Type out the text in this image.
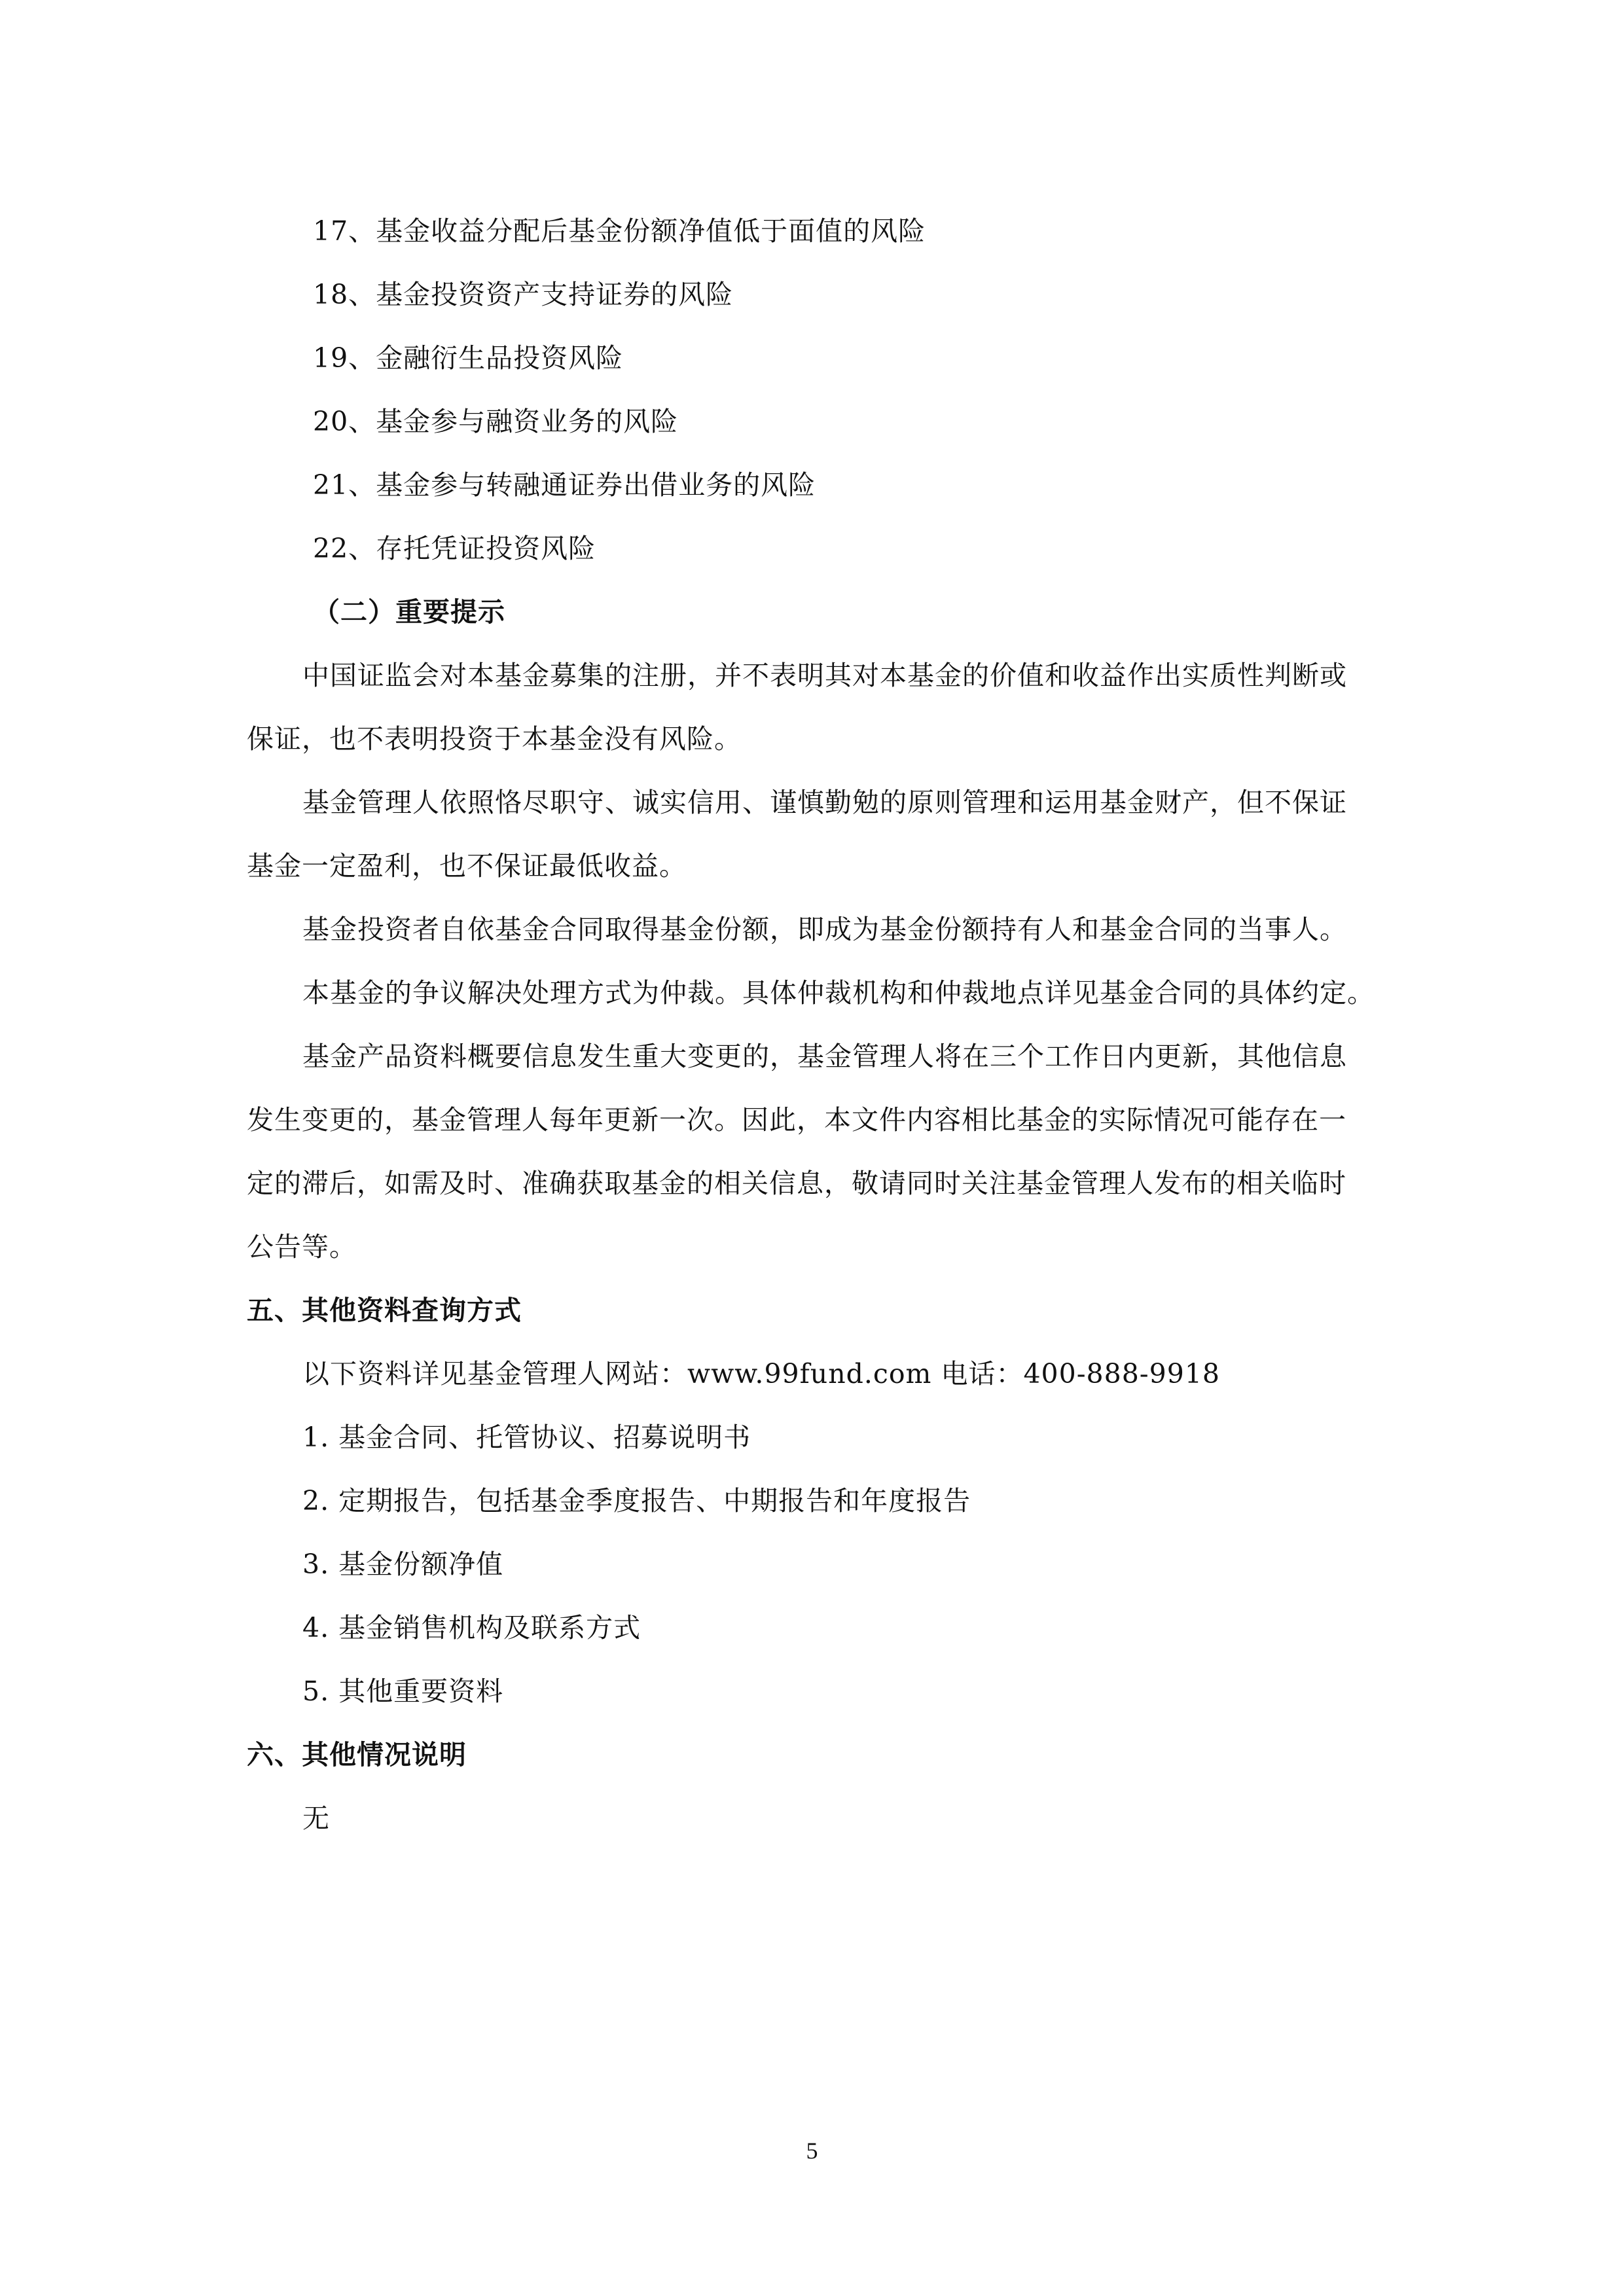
17、基金收益分配后基金份额净值低于面值的风险
18、基金投资资产支持证券的风险
19、金融衍生品投资风险
20、基金参与融资业务的风险
21、基金参与转融通证券出借业务的风险
22、存托凭证投资风险
（二）重要提示
中国证监会对本基金募集的注册，并不表明其对本基金的价值和收益作出实质性判断或
保证，也不表明投资于本基金没有风险。
基金管理人依照恪尽职守、诚实信用、谨慎勤勉的原则管理和运用基金财产，但不保证
基金一定盈利，也不保证最低收益。
基金投资者自依基金合同取得基金份额，即成为基金份额持有人和基金合同的当事人。
本基金的争议解决处理方式为仲裁。具体仲裁机构和仲裁地点详见基金合同的具体约定。
基金产品资料概要信息发生重大变更的，基金管理人将在三个工作日内更新，其他信息
发生变更的，基金管理人每年更新一次。因此，本文件内容相比基金的实际情况可能存在一
定的滞后，如需及时、准确获取基金的相关信息，敬请同时关注基金管理人发布的相关临时
公告等。
五、其他资料查询方式
以下资料详见基金管理人网站：www.99fund.com 电话：400-888-9918
1. 基金合同、托管协议、招募说明书
2. 定期报告，包括基金季度报告、中期报告和年度报告
3. 基金份额净值
4. 基金销售机构及联系方式
5. 其他重要资料
六、其他情况说明
无
5
